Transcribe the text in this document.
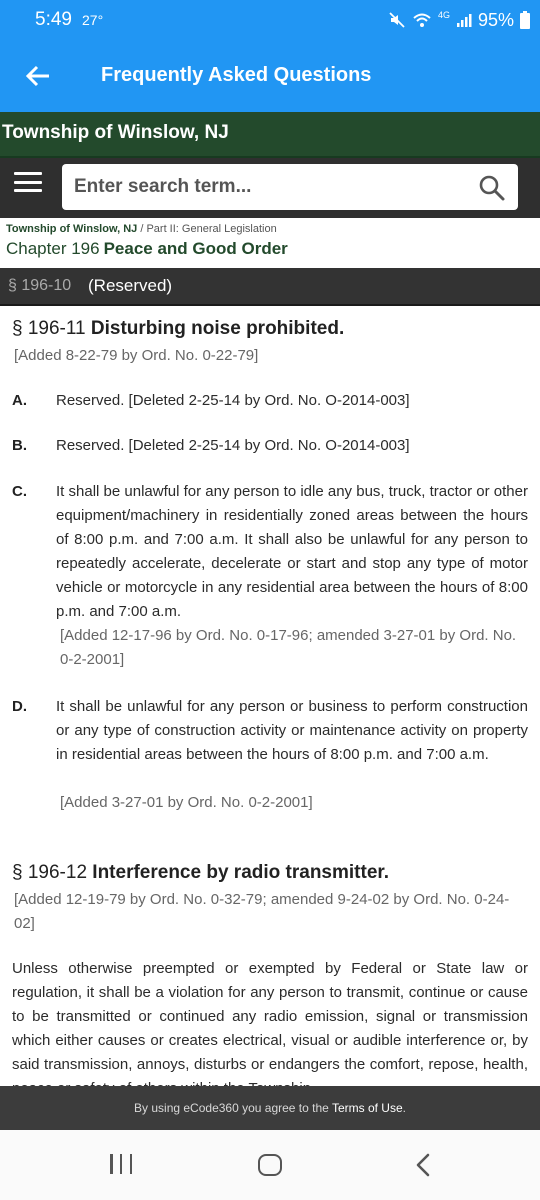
5:49 27°	4G 95%
Frequently Asked Questions
Township of Winslow, NJ
Enter search term...
Township of Winslow, NJ / Part II: General Legislation
Chapter 196 Peace and Good Order
§ 196-10 (Reserved)
§ 196-11 Disturbing noise prohibited.
[Added 8-22-79 by Ord. No. 0-22-79]
A. Reserved. [Deleted 2-25-14 by Ord. No. O-2014-003]
B. Reserved. [Deleted 2-25-14 by Ord. No. O-2014-003]
C. It shall be unlawful for any person to idle any bus, truck, tractor or other equipment/machinery in residentially zoned areas between the hours of 8:00 p.m. and 7:00 a.m. It shall also be unlawful for any person to repeatedly accelerate, decelerate or start and stop any type of motor vehicle or motorcycle in any residential area between the hours of 8:00 p.m. and 7:00 a.m.
[Added 12-17-96 by Ord. No. 0-17-96; amended 3-27-01 by Ord. No. 0-2-2001]
D. It shall be unlawful for any person or business to perform construction or any type of construction activity or maintenance activity on property in residential areas between the hours of 8:00 p.m. and 7:00 a.m.
[Added 3-27-01 by Ord. No. 0-2-2001]
§ 196-12 Interference by radio transmitter.
[Added 12-19-79 by Ord. No. 0-32-79; amended 9-24-02 by Ord. No. 0-24-02]
Unless otherwise preempted or exempted by Federal or State law or regulation, it shall be a violation for any person to transmit, continue or cause to be transmitted or continued any radio emission, signal or transmission which either causes or creates electrical, visual or audible interference or, by said transmission, annoys, disturbs or endangers the comfort, repose, health,
By using eCode360 you agree to the Terms of Use.
